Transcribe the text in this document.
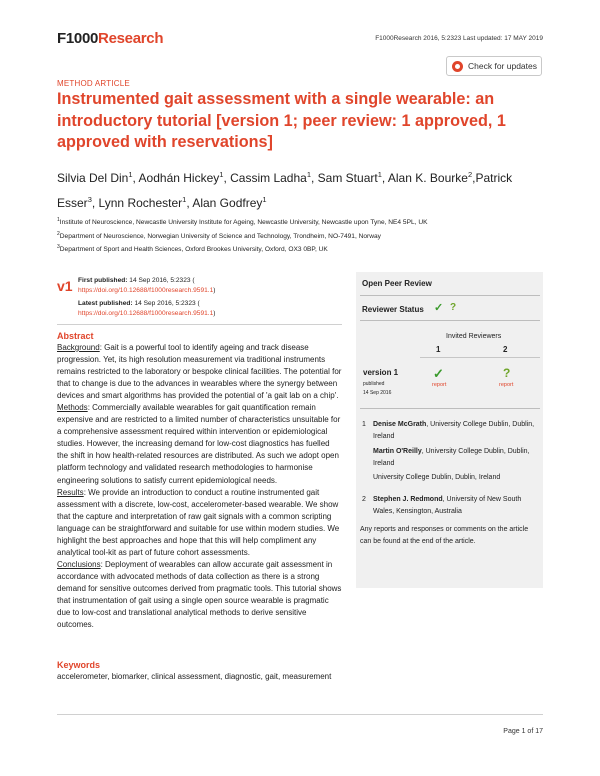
F1000Research	F1000Research 2016, 5:2323 Last updated: 17 MAY 2019
Check for updates
METHOD ARTICLE
Instrumented gait assessment with a single wearable: an introductory tutorial [version 1; peer review: 1 approved, 1 approved with reservations]
Silvia Del Din$^1$, Aodhán Hickey$^1$, Cassim Ladha$^1$, Sam Stuart$^1$, Alan K. Bourke$^2$,Patrick Esser$^3$, Lynn Rochester$^1$, Alan Godfrey$^1$
$^1$Institute of Neuroscience, Newcastle University Institute for Ageing, Newcastle University, Newcastle upon Tyne, NE4 5PL, UK
$^2$Department of Neuroscience, Norwegian University of Science and Technology, Trondheim, NO-7491, Norway
$^3$Department of Sport and Health Sciences, Oxford Brookes University, Oxford, OX3 0BP, UK
v1 First published: 14 Sep 2016, 5:2323 (
https://doi.org/10.12688/f1000research.9591.1)
Latest published: 14 Sep 2016, 5:2323 (
https://doi.org/10.12688/f1000research.9591.1)
Abstract

Background: Gait is a powerful tool to identify ageing and track disease progression. Yet, its high resolution measurement via traditional instruments remains restricted to the laboratory or bespoke clinical facilities. The potential for that to change is due to the advances in wearables where the synergy between devices and smart algorithms has provided the potential of 'a gait lab on a chip'.

Methods: Commercially available wearables for gait quantification remain expensive and are restricted to a limited number of characteristics unsuitable for a comprehensive assessment required within intervention or epidemiological studies. However, the increasing demand for low-cost diagnostics has fuelled the shift in how health-related resources are distributed. As such we adopt open platform technology and validated research methodologies to harmonise engineering solutions to satisfy current epidemiological needs.

Results: We provide an introduction to conduct a routine instrumented gait assessment with a discrete, low-cost, accelerometer-based wearable. We show that the capture and interpretation of raw gait signals with a common scripting language can be straightforward and suitable for use within modern studies. We highlight the best approaches and hope that this will help compliment any analytical tool-kit as part of future cohort assessments.

Conclusions: Deployment of wearables can allow accurate gait assessment in accordance with advocated methods of data collection as there is a strong demand for sensitive outcomes derived from pragmatic tools. This tutorial shows that instrumentation of gait using a single open source wearable is pragmatic due to low-cost and translational analytical methods to derive sensitive outcomes.

Keywords
accelerometer, biomarker, clinical assessment, diagnostic, gait, measurement
Open Peer Review
Reviewer Status ✓ ?
Invited Reviewers
1	2
version 1
published
14 Sep 2016
✓	?
report	report
1 Denise McGrath, University College Dublin, Dublin, Ireland
Martin O'Reilly, University College Dublin, Dublin, Ireland
University College Dublin, Dublin, Ireland
2 Stephen J. Redmond, University of New South Wales, Kensington, Australia
Any reports and responses or comments on the article can be found at the end of the article.
Page 1 of 17
